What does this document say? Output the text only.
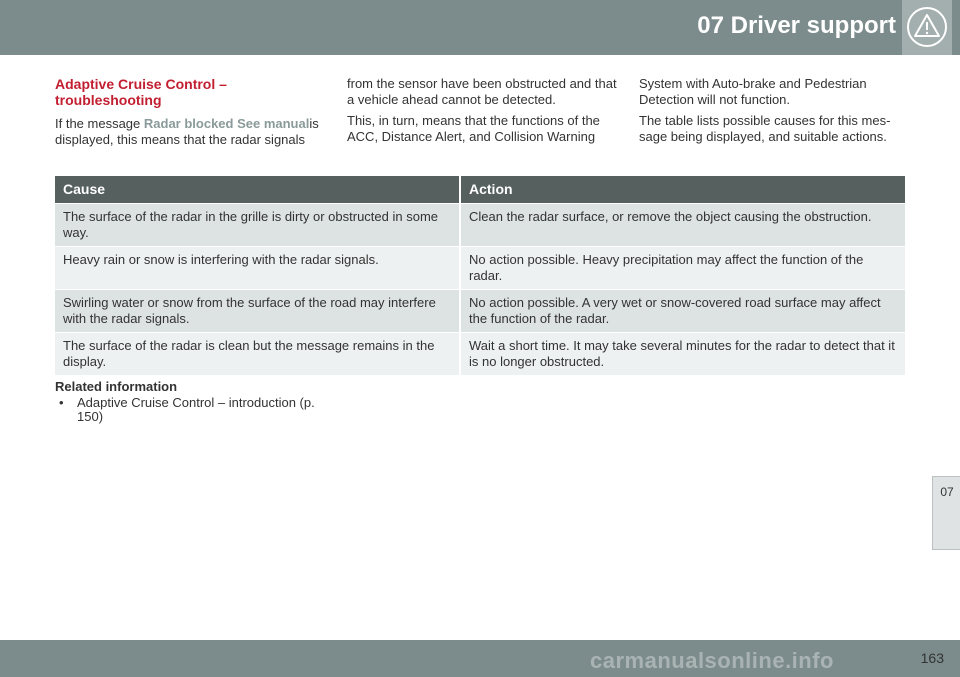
07 Driver support
07
Adaptive Cruise Control – troubleshooting

If the message Radar blocked See manualis displayed, this means that the radar signals

from the sensor have been obstructed and that a vehicle ahead cannot be detected.

This, in turn, means that the functions of the ACC, Distance Alert, and Collision Warning

System with Auto-brake and Pedestrian Detection will not function.

The table lists possible causes for this mes-sage being displayed, and suitable actions.

Cause	Action
The surface of the radar in the grille is dirty or obstructed in some way.	Clean the radar surface, or remove the object causing the obstruction.
Heavy rain or snow is interfering with the radar signals.	No action possible. Heavy precipitation may affect the function of the radar.
Swirling water or snow from the surface of the road may interfere with the radar signals.	No action possible. A very wet or snow-covered road surface may affect the function of the radar.
The surface of the radar is clean but the message remains in the display.	Wait a short time. It may take several minutes for the radar to detect that it is no longer obstructed.
Related information
• Adaptive Cruise Control – introduction (p. 150)
carmanualsonline.info	163
